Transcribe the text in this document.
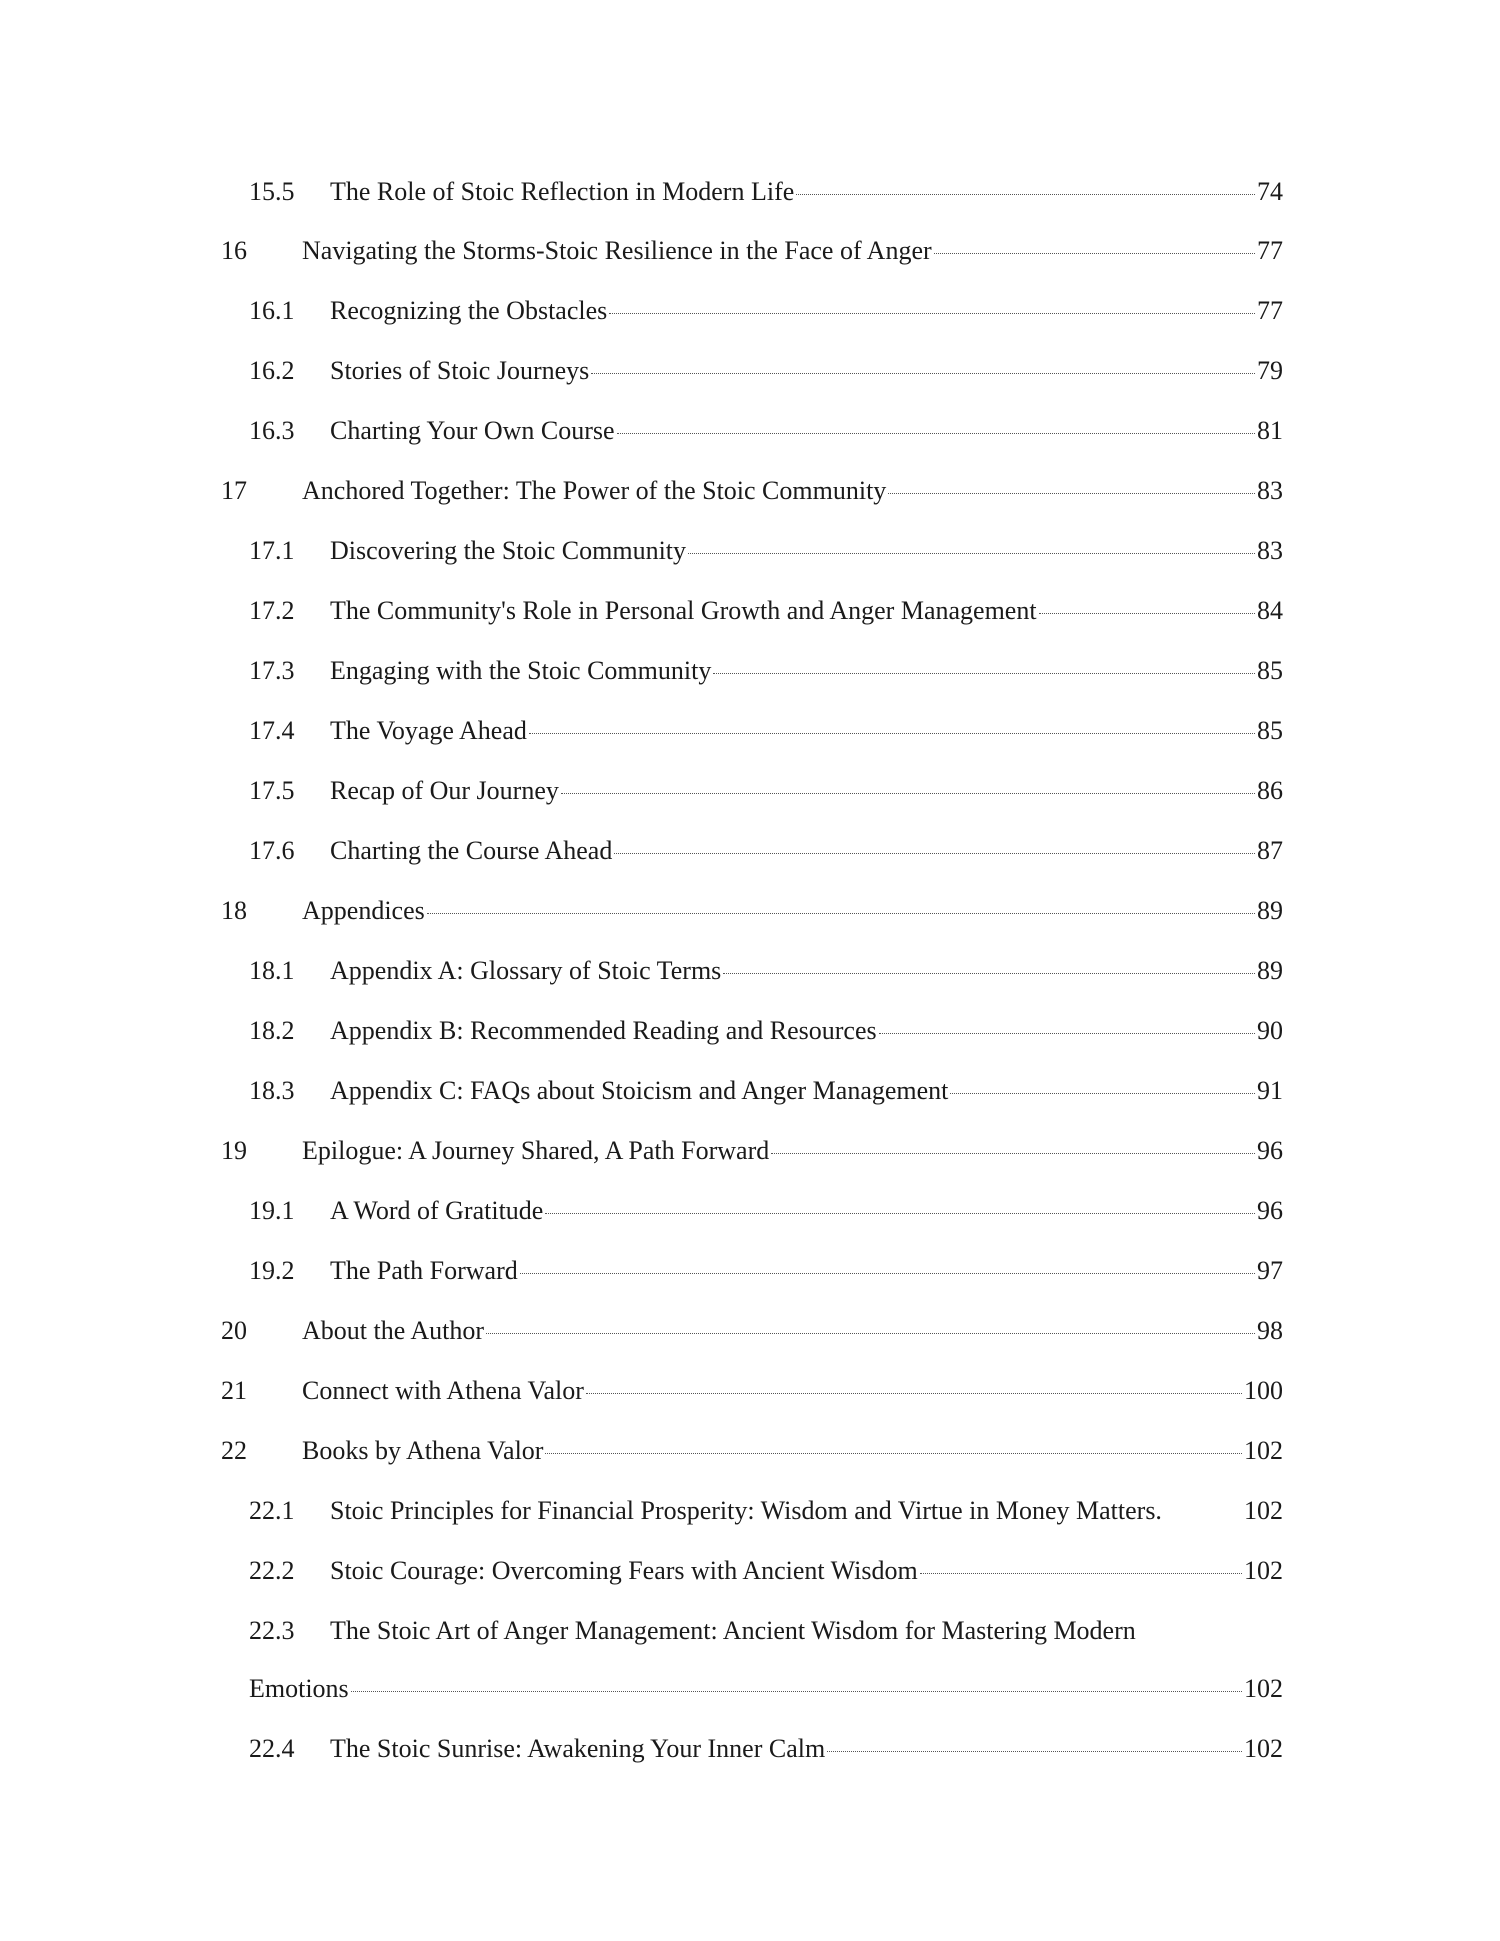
15.5 The Role of Stoic Reflection in Modern Life	74
16 Navigating the Storms-Stoic Resilience in the Face of Anger	77
16.1 Recognizing the Obstacles	77
16.2 Stories of Stoic Journeys	79
16.3 Charting Your Own Course	81
17 Anchored Together: The Power of the Stoic Community	83
17.1 Discovering the Stoic Community	83
17.2 The Community's Role in Personal Growth and Anger Management	84
17.3 Engaging with the Stoic Community	85
17.4 The Voyage Ahead	85
17.5 Recap of Our Journey	86
17.6 Charting the Course Ahead	87
18 Appendices	89
18.1 Appendix A: Glossary of Stoic Terms	89
18.2 Appendix B: Recommended Reading and Resources	90
18.3 Appendix C: FAQs about Stoicism and Anger Management	91
19 Epilogue: A Journey Shared, A Path Forward	96
19.1 A Word of Gratitude	96
19.2 The Path Forward	97
20 About the Author	98
21 Connect with Athena Valor	100
22 Books by Athena Valor	102
22.1 Stoic Principles for Financial Prosperity: Wisdom and Virtue in Money Matters.	102
22.2 Stoic Courage: Overcoming Fears with Ancient Wisdom	102
22.3 The Stoic Art of Anger Management: Ancient Wisdom for Mastering Modern
Emotions	102
22.4 The Stoic Sunrise: Awakening Your Inner Calm	102
